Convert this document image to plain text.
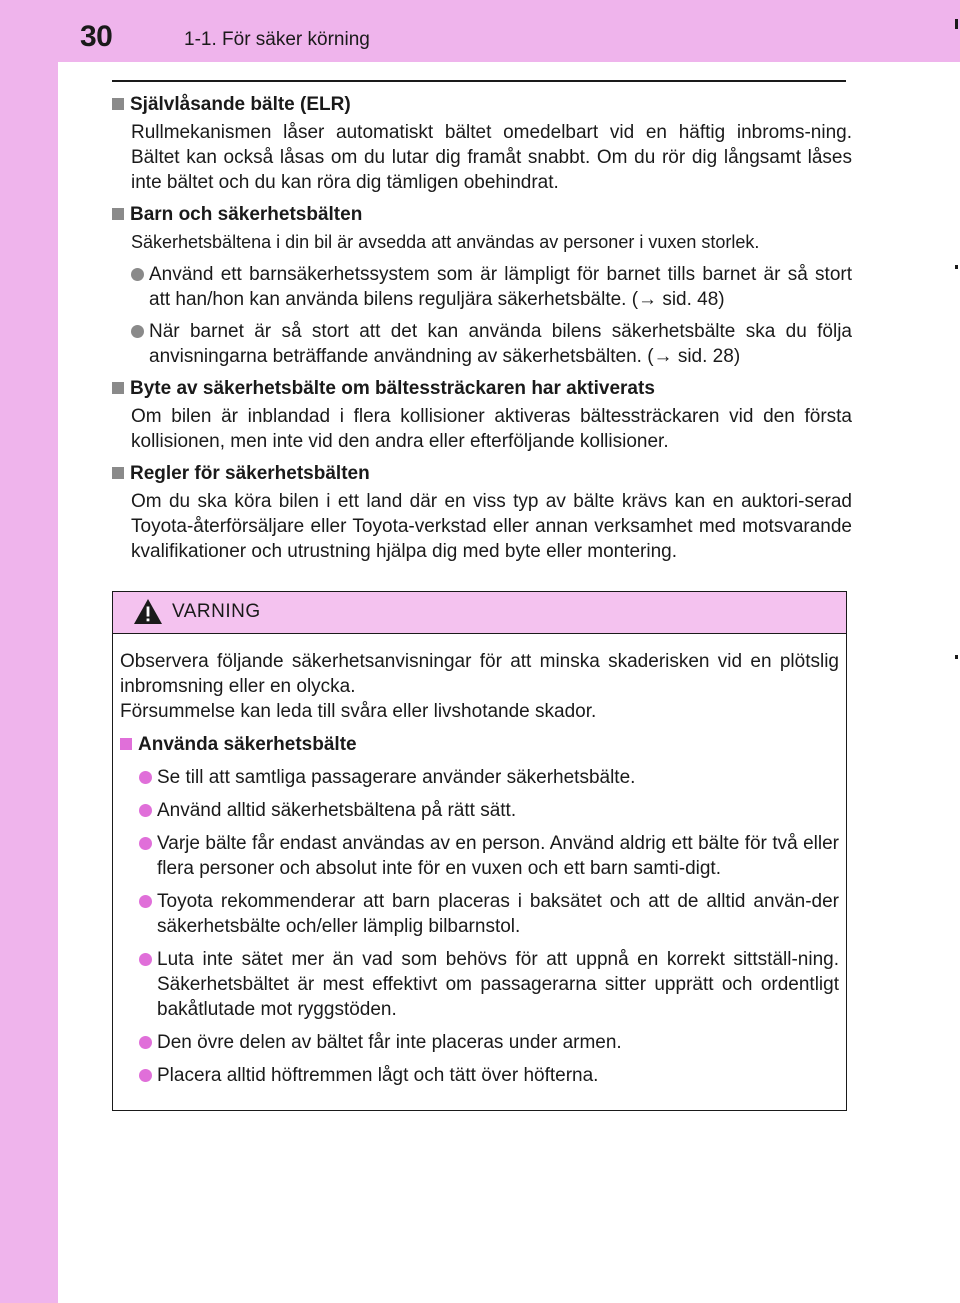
30	1-1. För säker körning
Självlåsande bälte (ELR)
Rullmekanismen låser automatiskt bältet omedelbart vid en häftig inbroms-ning. Bältet kan också låsas om du lutar dig framåt snabbt. Om du rör dig långsamt låses inte bältet och du kan röra dig tämligen obehindrat.
Barn och säkerhetsbälten
Säkerhetsbältena i din bil är avsedda att användas av personer i vuxen storlek.
Använd ett barnsäkerhetssystem som är lämpligt för barnet tills barnet är så stort att han/hon kan använda bilens reguljära säkerhetsbälte. (→ sid. 48)
När barnet är så stort att det kan använda bilens säkerhetsbälte ska du följa anvisningarna beträffande användning av säkerhetsbälten. (→ sid. 28)
Byte av säkerhetsbälte om bältessträckaren har aktiverats
Om bilen är inblandad i flera kollisioner aktiveras bältessträckaren vid den första kollisionen, men inte vid den andra eller efterföljande kollisioner.
Regler för säkerhetsbälten
Om du ska köra bilen i ett land där en viss typ av bälte krävs kan en auktori-serad Toyota-återförsäljare eller Toyota-verkstad eller annan verksamhet med motsvarande kvalifikationer och utrustning hjälpa dig med byte eller montering.
VARNING
Observera följande säkerhetsanvisningar för att minska skaderisken vid en plötslig inbromsning eller en olycka.
Försummelse kan leda till svåra eller livshotande skador.
Använda säkerhetsbälte
Se till att samtliga passagerare använder säkerhetsbälte.
Använd alltid säkerhetsbältena på rätt sätt.
Varje bälte får endast användas av en person. Använd aldrig ett bälte för två eller flera personer och absolut inte för en vuxen och ett barn samti-digt.
Toyota rekommenderar att barn placeras i baksätet och att de alltid använ-der säkerhetsbälte och/eller lämplig bilbarnstol.
Luta inte sätet mer än vad som behövs för att uppnå en korrekt sittställ-ning. Säkerhetsbältet är mest effektivt om passagerarna sitter upprätt och ordentligt bakåtlutade mot ryggstöden.
Den övre delen av bältet får inte placeras under armen.
Placera alltid höftremmen lågt och tätt över höfterna.
